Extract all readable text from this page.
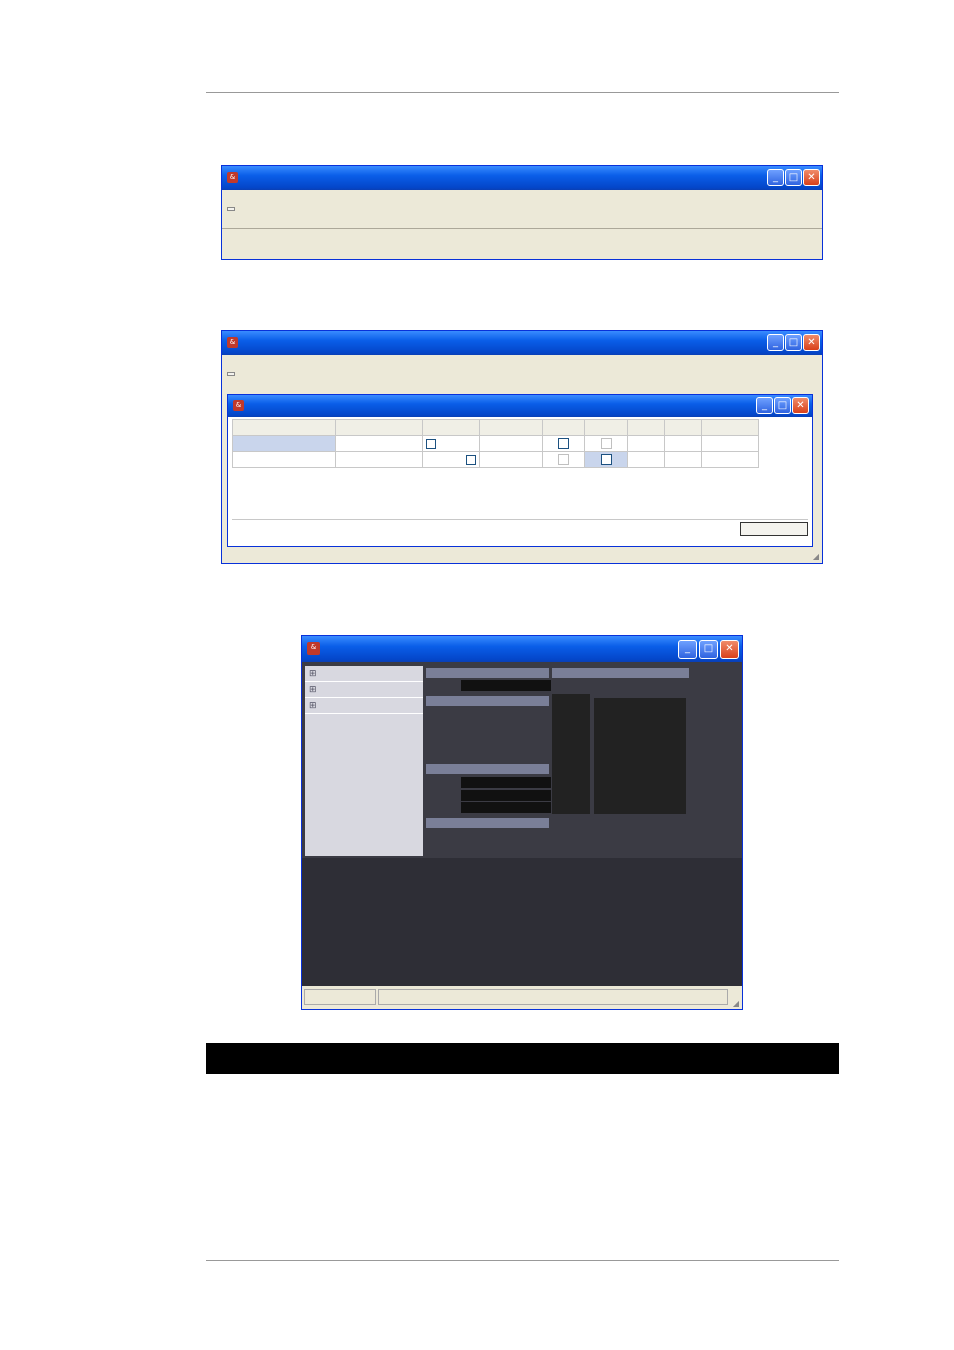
&	_	□ ✕
&	_	□ ✕
&	_	□ ✕

◢
&	_	□	✕
⊞
⊞
⊞
◢
